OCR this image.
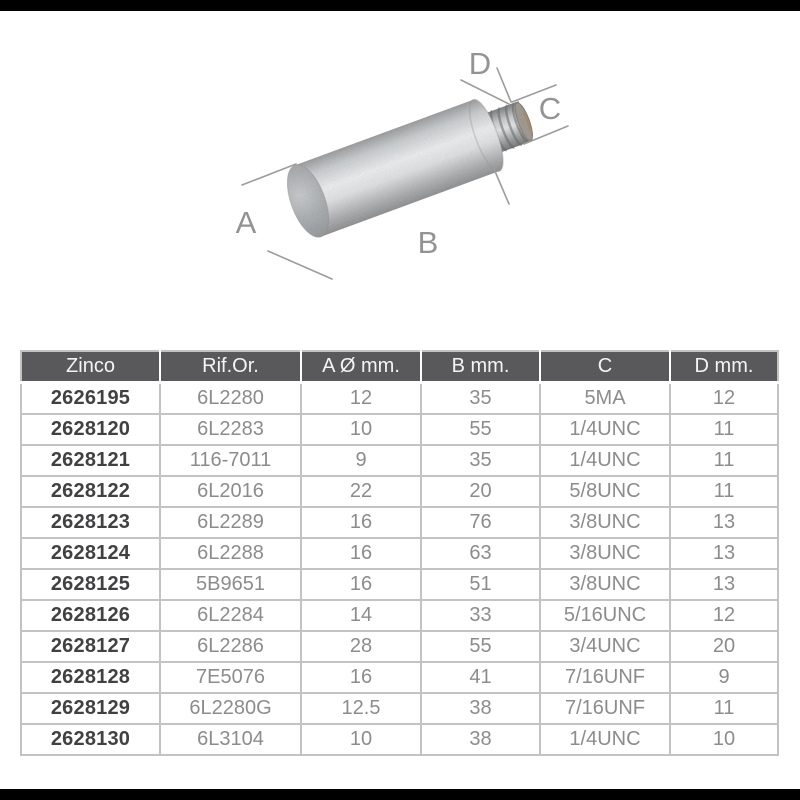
A
B
C
D
Zinco	Rif.Or.	A Ø mm.	B mm.	C	D mm.
2626195	6L2280	12	35	5MA	12
2628120	6L2283	10	55	1/4UNC	11
2628121	116-7011	9	35	1/4UNC	11
2628122	6L2016	22	20	5/8UNC	11
2628123	6L2289	16	76	3/8UNC	13
2628124	6L2288	16	63	3/8UNC	13
2628125	5B9651	16	51	3/8UNC	13
2628126	6L2284	14	33	5/16UNC	12
2628127	6L2286	28	55	3/4UNC	20
2628128	7E5076	16	41	7/16UNF	9
2628129	6L2280G	12.5	38	7/16UNF	11
2628130	6L3104	10	38	1/4UNC	10
